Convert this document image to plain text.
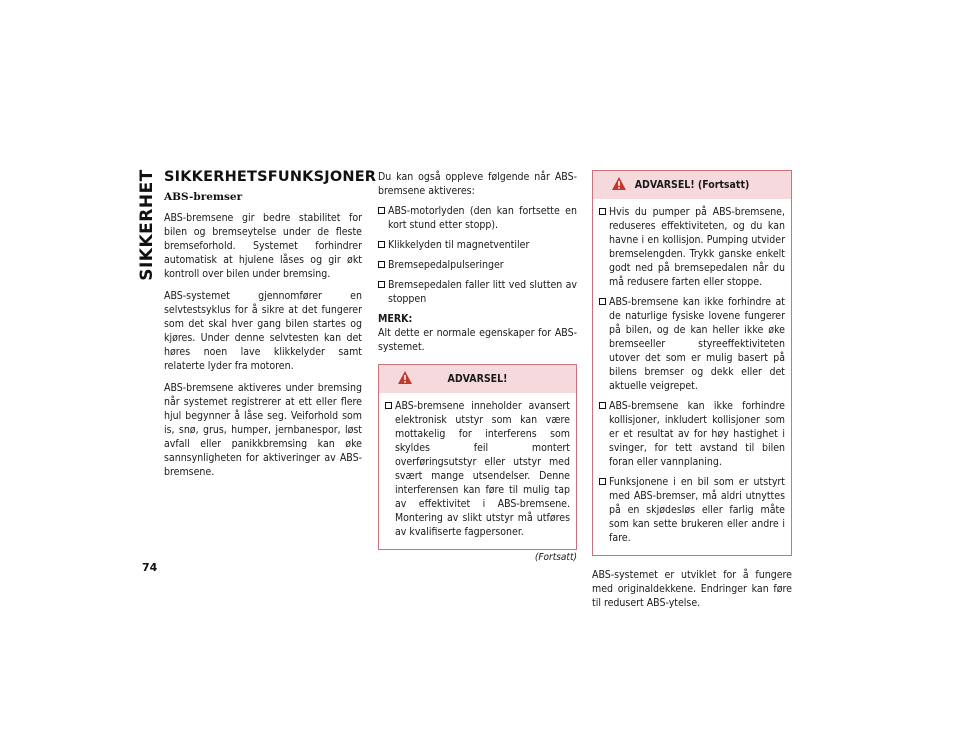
SIKKERHET
74
SIKKERHETSFUNKSJONER
ABS-bremser

ABS-bremsene gir bedre stabilitet for bilen og bremseytelse under de fleste bremseforhold. Systemet forhindrer automatisk at hjulene låses og gir økt kontroll over bilen under bremsing.

ABS-systemet gjennomfører en selvtestsyklus for å sikre at det fungerer som det skal hver gang bilen startes og kjøres. Under denne selvtesten kan det høres noen lave klikkelyder samt relaterte lyder fra motoren.

ABS-bremsene aktiveres under bremsing når systemet registrerer at ett eller flere hjul begynner å låse seg. Veiforhold som is, snø, grus, humper, jernbanespor, løst avfall eller panikkbremsing kan øke sannsynligheten for aktiveringer av ABS-bremsene.

Du kan også oppleve følgende når ABS-bremsene aktiveres:

ABS-motorlyden (den kan fortsette en kort stund etter stopp).
Klikkelyden til magnetventiler
Bremsepedalpulseringer
Bremsepedalen faller litt ved slutten av stoppen

MERK:

Alt dette er normale egenskaper for ABS-systemet.

ADVARSEL!
ABS-bremsene inneholder avansert elektronisk utstyr som kan være mottakelig for interferens som skyldes feil montert overføringsutstyr eller utstyr med svært mange utsendelser. Denne interferensen kan føre til mulig tap av effektivitet i ABS-bremsene. Montering av slikt utstyr må utføres av kvalifiserte fagpersoner.
(Fortsatt)
ADVARSEL! (Fortsatt)
Hvis du pumper på ABS-bremsene, reduseres effektiviteten, og du kan havne i en kollisjon. Pumping utvider bremselengden. Trykk ganske enkelt godt ned på bremsepedalen når du må redusere farten eller stoppe.
ABS-bremsene kan ikke forhindre at de naturlige fysiske lovene fungerer på bilen, og de kan heller ikke øke bremseeller styreeffektiviteten utover det som er mulig basert på bilens bremser og dekk eller det aktuelle veigrepet.
ABS-bremsene kan ikke forhindre kollisjoner, inkludert kollisjoner som er et resultat av for høy hastighet i svinger, for tett avstand til bilen foran eller vannplaning.
Funksjonene i en bil som er utstyrt med ABS-bremser, må aldri utnyttes på en skjødesløs eller farlig måte som kan sette brukeren eller andre i fare.

ABS-systemet er utviklet for å fungere med originaldekkene. Endringer kan føre til redusert ABS-ytelse.
